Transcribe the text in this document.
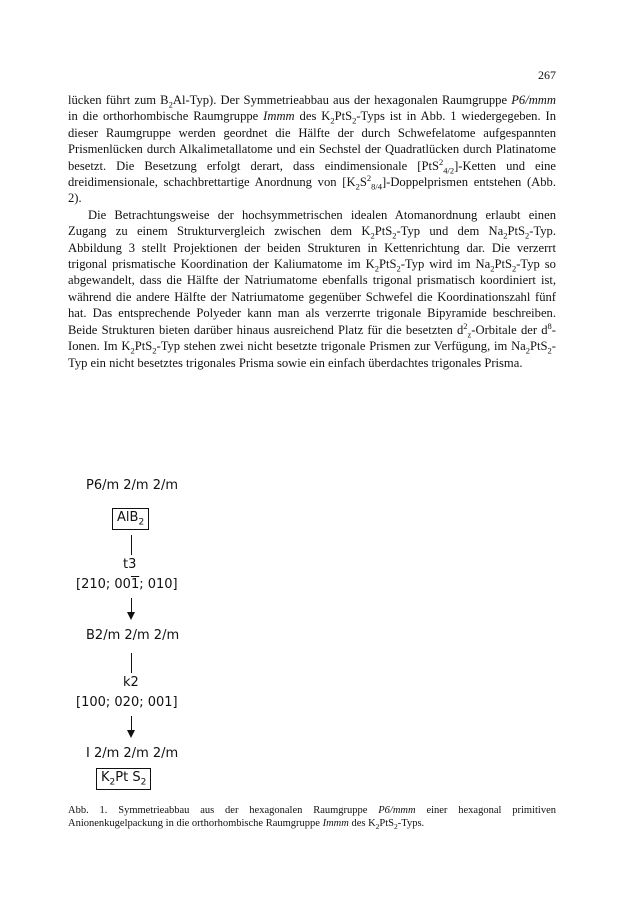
267

lücken führt zum $B_2Al-Typ$). Der Symmetrieabbau aus der hexagonalen Raumgruppe P6/mmm in die orthorhombische Raumgruppe Immm des $K_2PtS_2$-Typs ist in Abb. 1 wiedergegeben. In dieser Raumgruppe werden geordnet die Hälfte der durch Schwefelatome aufgespannten Prismenlücken durch Alkalimetallatome und ein Sechstel der Quadratlücken durch Platinatome besetzt. Die Besetzung erfolgt derart, dass eindimensionale [PtS$^2_{4/2}$]-Ketten und eine dreidimensionale, schachbrettartige Anordnung von $[K_2S^2_{8/4}]$-Doppelprismen entstehen (Abb. 2).

Die Betrachtungsweise der hochsymmetrischen idealen Atomanordnung erlaubt einen Zugang zu einem Strukturvergleich zwischen dem $K_2PtS_2$-Typ und dem $Na_2PtS_2$-Typ. Abbildung 3 stellt Projektionen der beiden Strukturen in Kettenrichtung dar. Die verzerrt trigonal prismatische Koordination der Kaliumatome im $K_2PtS_2$-Typ wird im $Na_2PtS_2$-Typ so abgewandelt, dass die Hälfte der Natriumatome ebenfalls trigonal prismatisch koordiniert ist, während die andere Hälfte der Natriumatome gegenüber Schwefel die Koordinationszahl fünf hat. Das entsprechende Polyeder kann man als verzerrte trigonale Bipyramide beschreiben. Beide Strukturen bieten darüber hinaus ausreichend Platz für die besetzten $d^2_z$-Orbitale der $d^8$-Ionen. Im $K_2PtS_2$-Typ stehen zwei nicht besetzte trigonale Prismen zur Verfügung, im $Na_2PtS_2$-Typ ein nicht besetztes trigonales Prisma sowie ein einfach überdachtes trigonales Prisma.

P6/m 2/m 2/m
AlB$_2$
t3
[210; 001; 010]
B2/m 2/m 2/m
k2
[100; 020; 001]
I 2/m 2/m 2/m
$K_2Pt$ $S_2$
Abb. 1. Symmetrieabbau aus der hexagonalen Raumgruppe P6/mmm einer hexagonal primitiven Anionenkugelpackung in die orthorhombische Raumgruppe Immm des $K_2PtS_2$-Typs.
